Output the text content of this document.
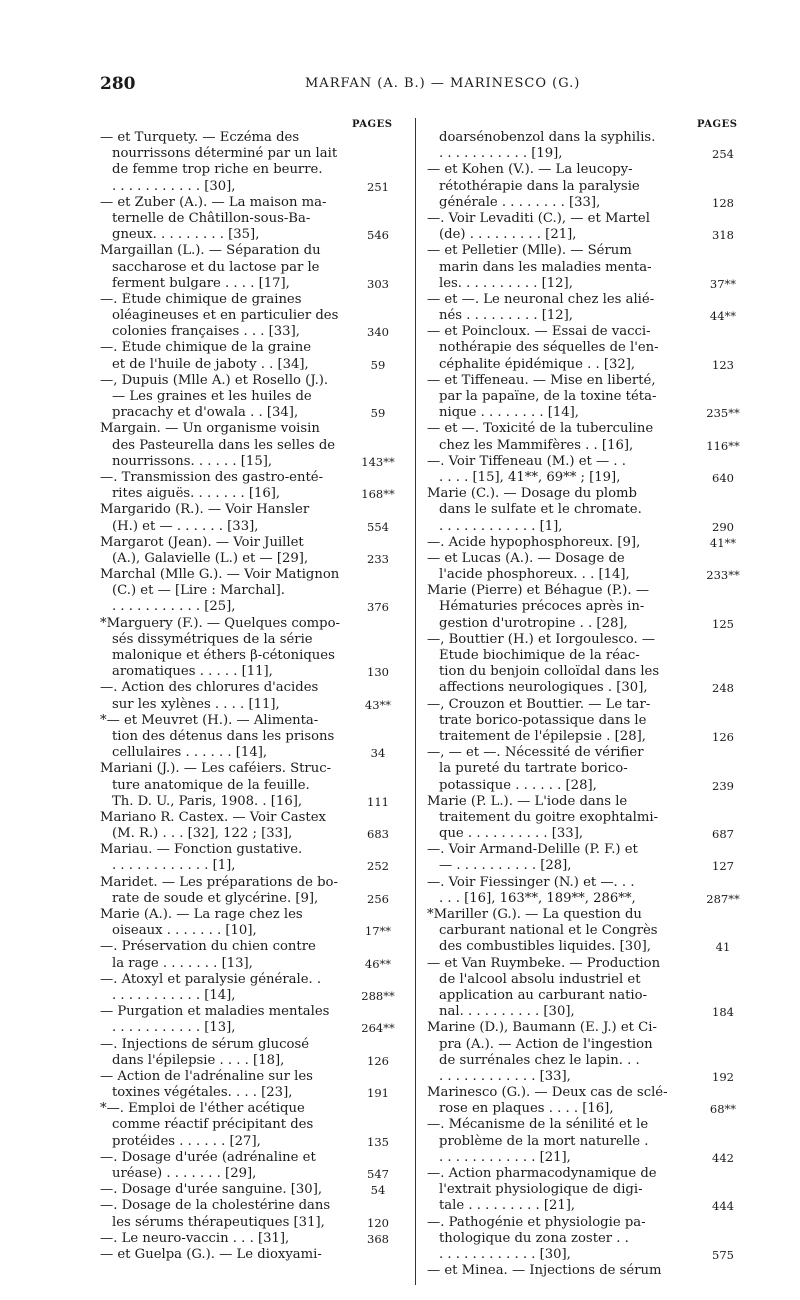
280	MARFAN (A. B.) — MARINESCO (G.)
PAGES	PAGES
— et Turquety. — Eczéma des
nourrissons déterminé par un lait
de femme trop riche en beurre.
. . . . . . . . . . . [30],	251
— et Zuber (A.). — La maison ma-
ternelle de Châtillon-sous-Ba-
gneux. . . . . . . . . [35],	546
Margaillan (L.). — Séparation du
saccharose et du lactose par le
ferment bulgare . . . . [17],	303
—. Étude chimique de graines
oléagineuses et en particulier des
colonies françaises . . . [33],	340
—. Étude chimique de la graine
et de l'huile de jaboty . . [34],	59
—, Dupuis (Mlle A.) et Rosello (J.).
— Les graines et les huiles de
pracachy et d'owala . . [34],	59
Margain. — Un organisme voisin
des Pasteurella dans les selles de
nourrissons. . . . . . [15],	143**
—. Transmission des gastro-enté-
rites aiguës. . . . . . . [16],	168**
Margarido (R.). — Voir Hansler
(H.) et — . . . . . . [33],	554
Margarot (Jean). — Voir Juillet
(A.), Galavielle (L.) et — [29],	233
Marchal (Mlle G.). — Voir Matignon
(C.) et — [Lire : Marchal].
. . . . . . . . . . . [25],	376
*Marguery (F.). — Quelques compo-
sés dissymétriques de la série
malonique et éthers β-cétoniques
aromatiques . . . . . [11],	130
—. Action des chlorures d'acides
sur les xylènes . . . . [11],	43**
*— et Meuvret (H.). — Alimenta-
tion des détenus dans les prisons
cellulaires . . . . . . [14],	34
Mariani (J.). — Les caféiers. Struc-
ture anatomique de la feuille.
Th. D. U., Paris, 1908. . [16],	111
Mariano R. Castex. — Voir Castex
(M. R.) . . . [32], 122 ; [33],	683
Mariau. — Fonction gustative.
. . . . . . . . . . . . [1],	252
Maridet. — Les préparations de bo-
rate de soude et glycérine. [9],	256
Marie (A.). — La rage chez les
oiseaux . . . . . . . [10],	17**
—. Préservation du chien contre
la rage . . . . . . . [13],	46**
—. Atoxyl et paralysie générale. .
. . . . . . . . . . . [14],	288**
— Purgation et maladies mentales
. . . . . . . . . . . [13],	264**
—. Injections de sérum glucosé
dans l'épilepsie . . . . [18],	126
— Action de l'adrénaline sur les
toxines végétales. . . . [23],	191
*—. Emploi de l'éther acétique
comme réactif précipitant des
protéides . . . . . . [27],	135
—. Dosage d'urée (adrénaline et
uréase) . . . . . . . [29],	547
—. Dosage d'urée sanguine. [30],	54
—. Dosage de la cholestérine dans
les sérums thérapeutiques [31],	120
—. Le neuro-vaccin . . . [31],	368
— et Guelpa (G.). — Le dioxyami-
doarsénobenzol dans la syphilis.
. . . . . . . . . . . [19],	254
— et Kohen (V.). — La leucopy-
rétothérapie dans la paralysie
générale . . . . . . . . [33],	128
—. Voir Levaditi (C.), — et Martel
(de) . . . . . . . . . [21],	318
— et Pelletier (Mlle). — Sérum
marin dans les maladies menta-
les. . . . . . . . . . [12],	37**
— et —. Le neuronal chez les alié-
nés . . . . . . . . . [12],	44**
— et Poincloux. — Essai de vacci-
nothérapie des séquelles de l'en-
céphalite épidémique . . [32],	123
— et Tiffeneau. — Mise en liberté,
par la papaïne, de la toxine téta-
nique . . . . . . . . [14],	235**
— et —. Toxicité de la tuberculine
chez les Mammifères . . [16],	116**
—. Voir Tiffeneau (M.) et — . .
. . . . [15], 41**, 69** ; [19],	640
Marie (C.). — Dosage du plomb
dans le sulfate et le chromate.
. . . . . . . . . . . . [1],	290
—. Acide hypophosphoreux. [9],	41**
— et Lucas (A.). — Dosage de
l'acide phosphoreux. . . [14],	233**
Marie (Pierre) et Béhague (P.). —
Hématuries précoces après in-
gestion d'urotropine . . [28],	125
—, Bouttier (H.) et Iorgoulesco. —
Étude biochimique de la réac-
tion du benjoin colloïdal dans les
affections neurologiques . [30],	248
—, Crouzon et Bouttier. — Le tar-
trate borico-potassique dans le
traitement de l'épilepsie . [28],	126
—, — et —. Nécessité de vérifier
la pureté du tartrate borico-
potassique . . . . . . [28],	239
Marie (P. L.). — L'iode dans le
traitement du goitre exophtalmi-
que . . . . . . . . . . [33],	687
—. Voir Armand-Delille (P. F.) et
— . . . . . . . . . . [28],	127
—. Voir Fiessinger (N.) et —. . .
. . . [16], 163**, 189**, 286**,	287**
*Mariller (G.). — La question du
carburant national et le Congrès
des combustibles liquides. [30],	41
— et Van Ruymbeke. — Production
de l'alcool absolu industriel et
application au carburant natio-
nal. . . . . . . . . . [30],	184
Marine (D.), Baumann (E. J.) et Ci-
pra (A.). — Action de l'ingestion
de surrénales chez le lapin. . .
. . . . . . . . . . . . [33],	192
Marinesco (G.). — Deux cas de sclé-
rose en plaques . . . . [16],	68**
—. Mécanisme de la sénilité et le
problème de la mort naturelle .
. . . . . . . . . . . . [21],	442
—. Action pharmacodynamique de
l'extrait physiologique de digi-
tale . . . . . . . . . [21],	444
—. Pathogénie et physiologie pa-
thologique du zona zoster . .
. . . . . . . . . . . . [30],	575
— et Minea. — Injections de sérum
